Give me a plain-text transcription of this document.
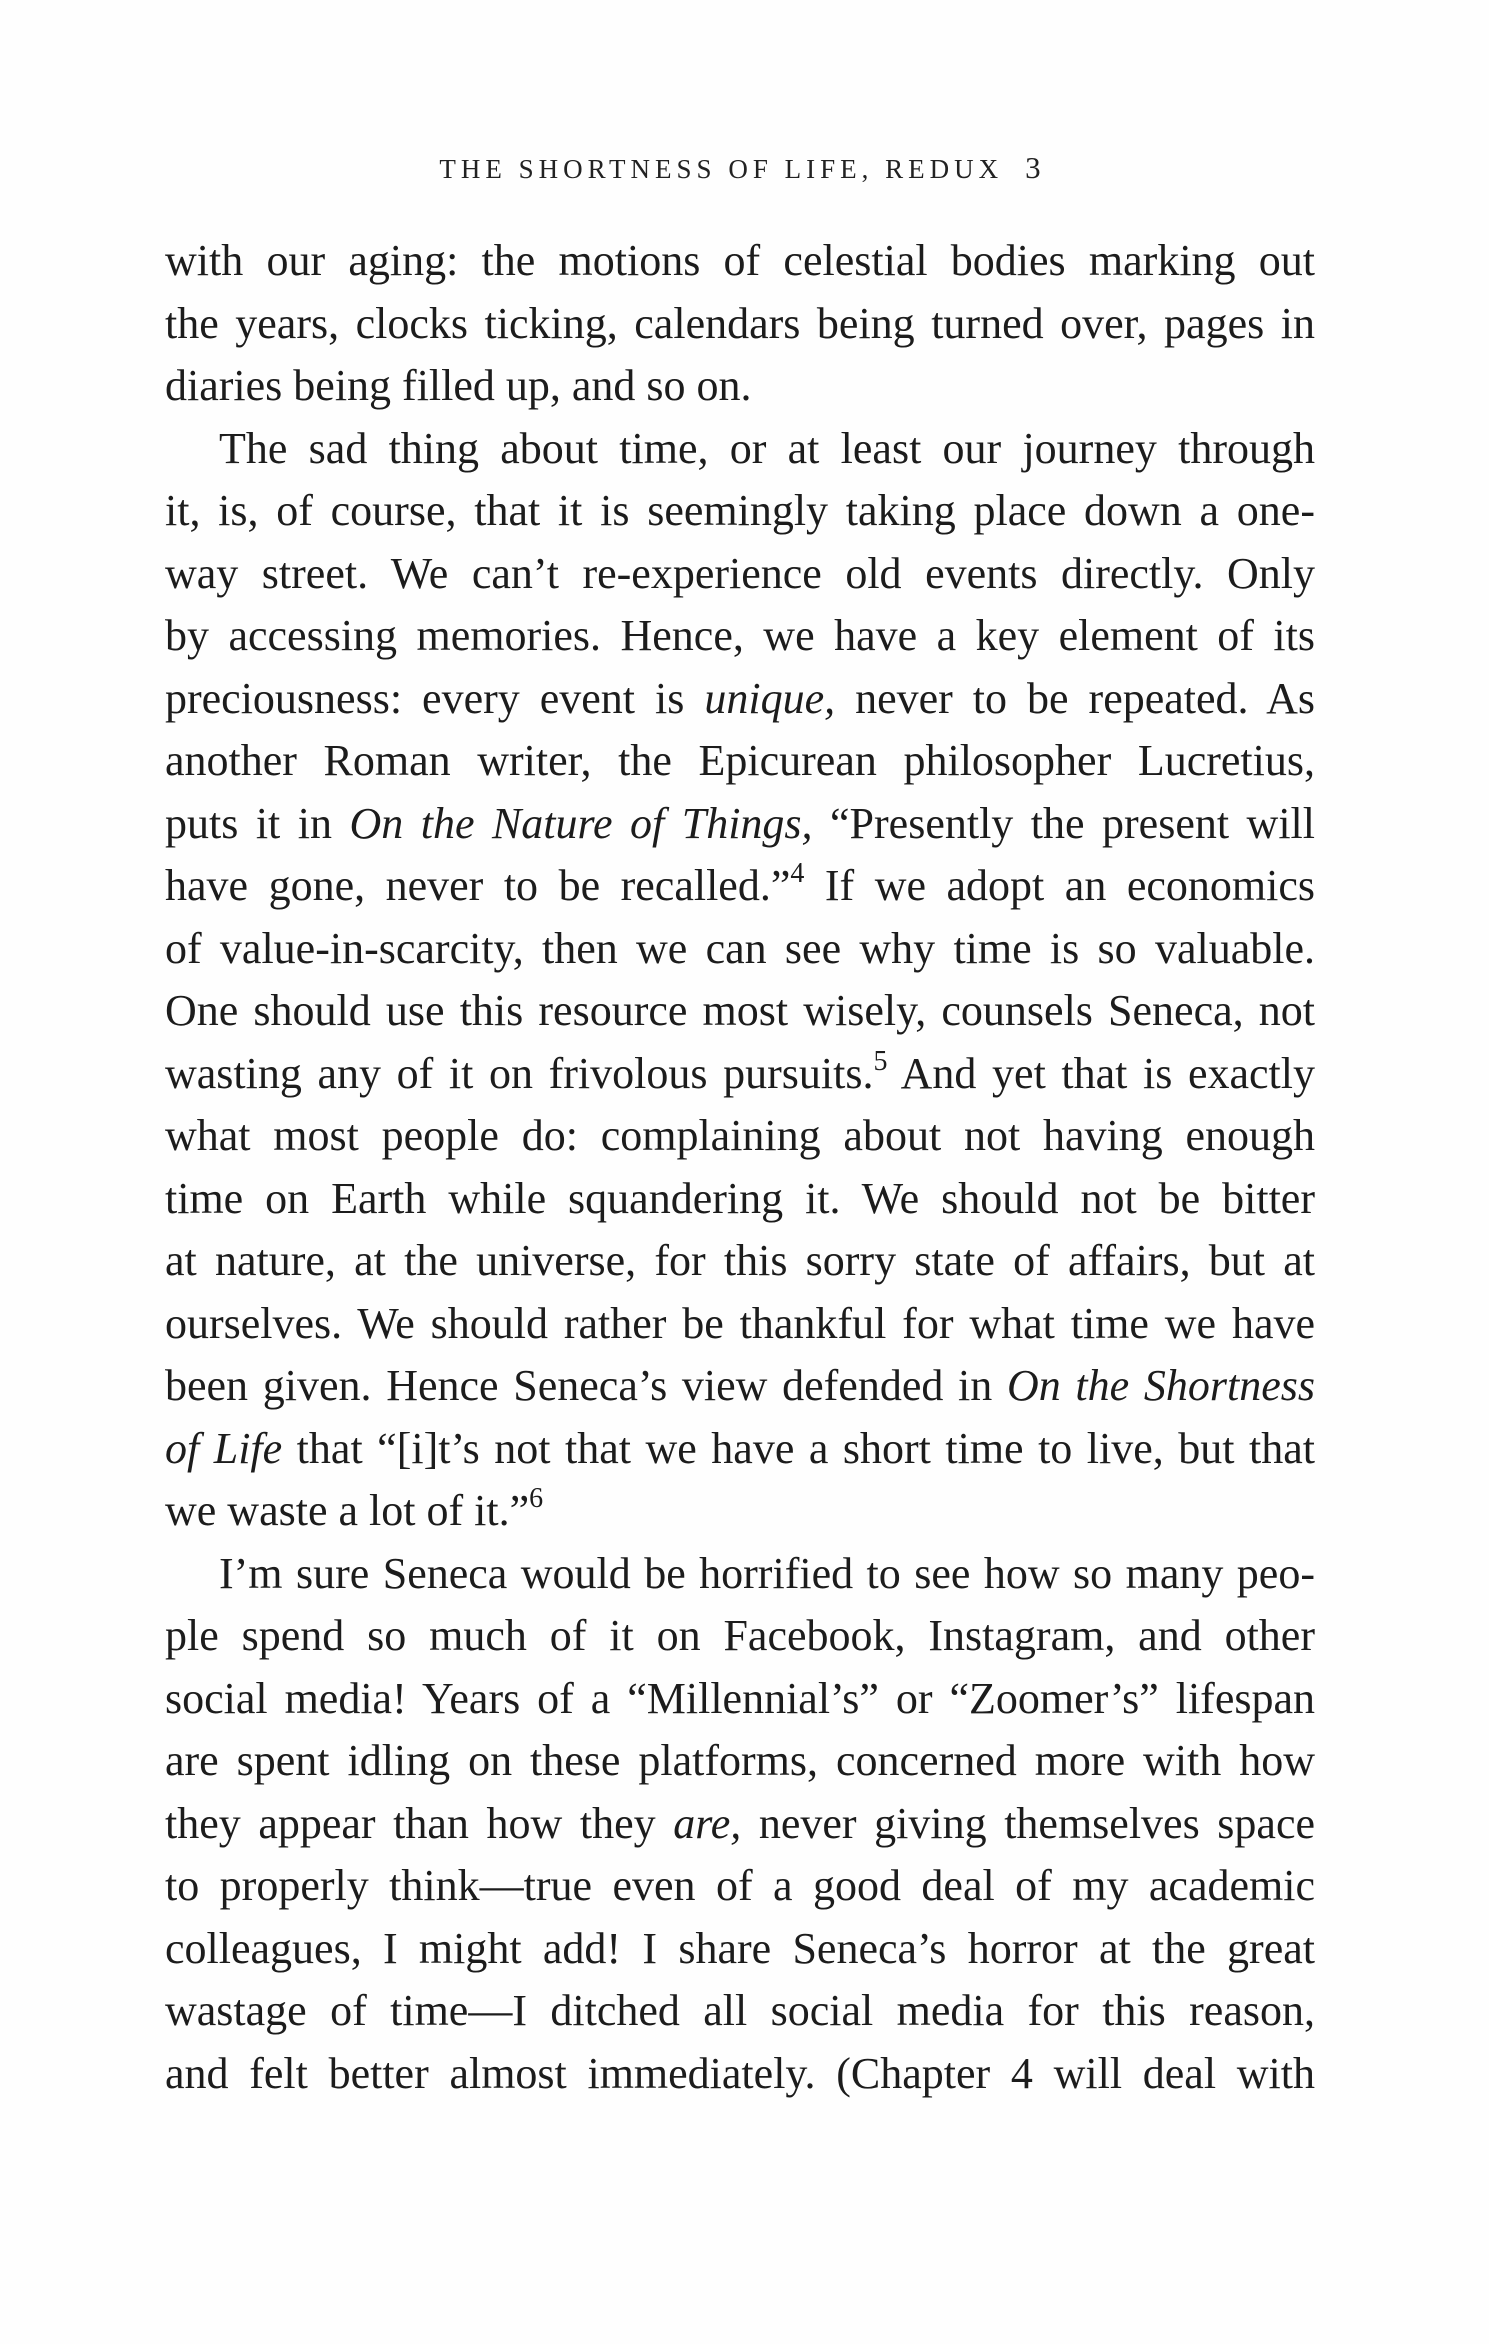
THE SHORTNESS OF LIFE, REDUX 3
with our aging: the motions of celestial bodies marking out
the years, clocks ticking, calendars being turned over, pages in
diaries being filled up, and so on.
The sad thing about time, or at least our journey through
it, is, of course, that it is seemingly taking place down a one-
way street. We can’t re-experience old events directly. Only
by accessing memories. Hence, we have a key element of its
preciousness: every event is unique, never to be repeated. As
another Roman writer, the Epicurean philosopher Lucretius,
puts it in On the Nature of Things, “Presently the present will
have gone, never to be recalled.”$^4$ If we adopt an economics
of value-in-scarcity, then we can see why time is so valuable.
One should use this resource most wisely, counsels Seneca, not
wasting any of it on frivolous pursuits.$^5$ And yet that is exactly
what most people do: complaining about not having enough
time on Earth while squandering it. We should not be bitter
at nature, at the universe, for this sorry state of affairs, but at
ourselves. We should rather be thankful for what time we have
been given. Hence Seneca’s view defended in On the Shortness
of Life that “[i]t’s not that we have a short time to live, but that
we waste a lot of it.”$^6$
I’m sure Seneca would be horrified to see how so many peo-
ple spend so much of it on Facebook, Instagram, and other
social media! Years of a “Millennial’s” or “Zoomer’s” lifespan
are spent idling on these platforms, concerned more with how
they appear than how they are, never giving themselves space
to properly think—true even of a good deal of my academic
colleagues, I might add! I share Seneca’s horror at the great
wastage of time—I ditched all social media for this reason,
and felt better almost immediately. (Chapter 4 will deal with
